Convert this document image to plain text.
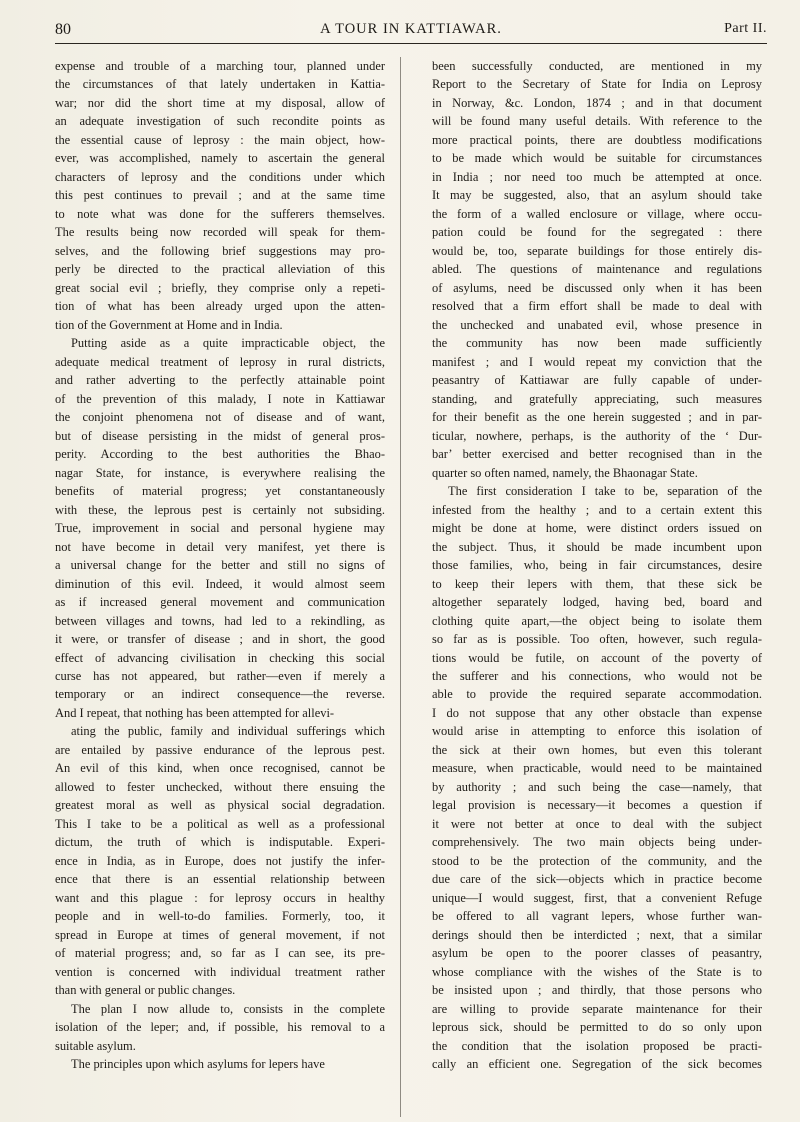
80	A TOUR IN KATTIAWAR.	Part II.

expense and trouble of a marching tour, planned under

the circumstances of that lately undertaken in Kattia-

war; nor did the short time at my disposal, allow of

an adequate investigation of such recondite points as

the essential cause of leprosy : the main object, how-

ever, was accomplished, namely to ascertain the general

characters of leprosy and the conditions under which

this pest continues to prevail ; and at the same time

to note what was done for the sufferers themselves.

The results being now recorded will speak for them-

selves, and the following brief suggestions may pro-

perly be directed to the practical alleviation of this

great social evil ; briefly, they comprise only a repeti-

tion of what has been already urged upon the atten-

tion of the Government at Home and in India.

Putting aside as a quite impracticable object, the

adequate medical treatment of leprosy in rural districts,

and rather adverting to the perfectly attainable point

of the prevention of this malady, I note in Kattiawar

the conjoint phenomena not of disease and of want,

but of disease persisting in the midst of general pros-

perity. According to the best authorities the Bhao-

nagar State, for instance, is everywhere realising the

benefits of material progress; yet constantaneously

with these, the leprous pest is certainly not subsiding.

True, improvement in social and personal hygiene may

not have become in detail very manifest, yet there is

a universal change for the better and still no signs of

diminution of this evil. Indeed, it would almost seem

as if increased general movement and communication

between villages and towns, had led to a rekindling, as

it were, or transfer of disease ; and in short, the good

effect of advancing civilisation in checking this social

curse has not appeared, but rather—even if merely a

temporary or an indirect consequence—the reverse.

And I repeat, that nothing has been attempted for allevi-

ating the public, family and individual sufferings which

are entailed by passive endurance of the leprous pest.

An evil of this kind, when once recognised, cannot be

allowed to fester unchecked, without there ensuing the

greatest moral as well as physical social degradation.

This I take to be a political as well as a professional

dictum, the truth of which is indisputable. Experi-

ence in India, as in Europe, does not justify the infer-

ence that there is an essential relationship between

want and this plague : for leprosy occurs in healthy

people and in well-to-do families. Formerly, too, it

spread in Europe at times of general movement, if not

of material progress; and, so far as I can see, its pre-

vention is concerned with individual treatment rather

than with general or public changes.

The plan I now allude to, consists in the complete

isolation of the leper; and, if possible, his removal to a

suitable asylum.

The principles upon which asylums for lepers have

been successfully conducted, are mentioned in my

Report to the Secretary of State for India on Leprosy

in Norway, &c. London, 1874 ; and in that document

will be found many useful details. With reference to the

more practical points, there are doubtless modifications

to be made which would be suitable for circumstances

in India ; nor need too much be attempted at once.

It may be suggested, also, that an asylum should take

the form of a walled enclosure or village, where occu-

pation could be found for the segregated : there

would be, too, separate buildings for those entirely dis-

abled. The questions of maintenance and regulations

of asylums, need be discussed only when it has been

resolved that a firm effort shall be made to deal with

the unchecked and unabated evil, whose presence in

the community has now been made sufficiently

manifest ; and I would repeat my conviction that the

peasantry of Kattiawar are fully capable of under-

standing, and gratefully appreciating, such measures

for their benefit as the one herein suggested ; and in par-

ticular, nowhere, perhaps, is the authority of the ‘ Dur-

bar’ better exercised and better recognised than in the

quarter so often named, namely, the Bhaonagar State.

The first consideration I take to be, separation of the

infested from the healthy ; and to a certain extent this

might be done at home, were distinct orders issued on

the subject. Thus, it should be made incumbent upon

those families, who, being in fair circumstances, desire

to keep their lepers with them, that these sick be

altogether separately lodged, having bed, board and

clothing quite apart,—the object being to isolate them

so far as is possible. Too often, however, such regula-

tions would be futile, on account of the poverty of

the sufferer and his connections, who would not be

able to provide the required separate accommodation.

I do not suppose that any other obstacle than expense

would arise in attempting to enforce this isolation of

the sick at their own homes, but even this tolerant

measure, when practicable, would need to be maintained

by authority ; and such being the case—namely, that

legal provision is necessary—it becomes a question if

it were not better at once to deal with the subject

comprehensively. The two main objects being under-

stood to be the protection of the community, and the

due care of the sick—objects which in practice become

unique—I would suggest, first, that a convenient Refuge

be offered to all vagrant lepers, whose further wan-

derings should then be interdicted ; next, that a similar

asylum be open to the poorer classes of peasantry,

whose compliance with the wishes of the State is to

be insisted upon ; and thirdly, that those persons who

are willing to provide separate maintenance for their

leprous sick, should be permitted to do so only upon

the condition that the isolation proposed be practi-

cally an efficient one. Segregation of the sick becomes
